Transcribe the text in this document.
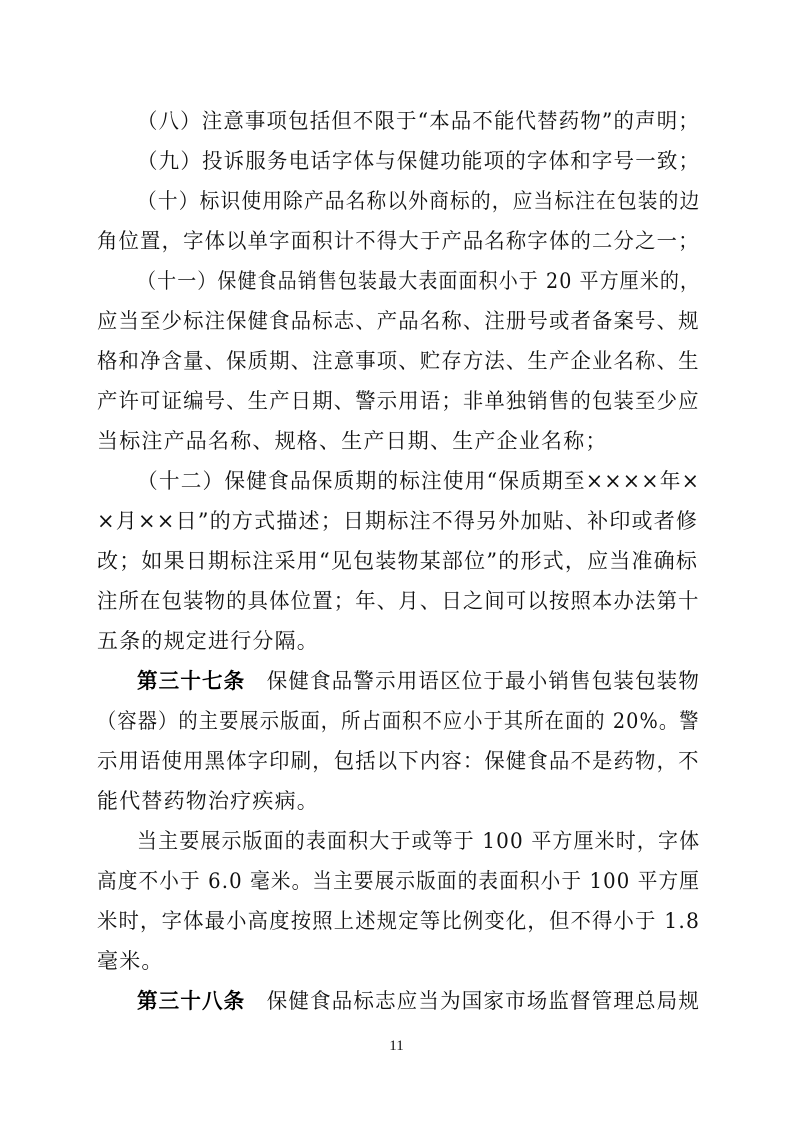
（八）注意事项包括但不限于“本品不能代替药物”的声明；
（九）投诉服务电话字体与保健功能项的字体和字号一致；
（十）标识使用除产品名称以外商标的，应当标注在包装的边
角位置，字体以单字面积计不得大于产品名称字体的二分之一；
（十一）保健食品销售包装最大表面面积小于 20 平方厘米的，
应当至少标注保健食品标志、产品名称、注册号或者备案号、规
格和净含量、保质期、注意事项、贮存方法、生产企业名称、生
产许可证编号、生产日期、警示用语；非单独销售的包装至少应
当标注产品名称、规格、生产日期、生产企业名称；
（十二）保健食品保质期的标注使用“保质期至××××年×
×月××日”的方式描述；日期标注不得另外加贴、补印或者修
改；如果日期标注采用“见包装物某部位”的形式，应当准确标
注所在包装物的具体位置；年、月、日之间可以按照本办法第十
五条的规定进行分隔。
第三十七条 保健食品警示用语区位于最小销售包装包装物
（容器）的主要展示版面，所占面积不应小于其所在面的 20%。警
示用语使用黑体字印刷，包括以下内容：保健食品不是药物，不
能代替药物治疗疾病。
当主要展示版面的表面积大于或等于 100 平方厘米时，字体
高度不小于 6.0 毫米。当主要展示版面的表面积小于 100 平方厘
米时，字体最小高度按照上述规定等比例变化，但不得小于 1.8
毫米。
第三十八条 保健食品标志应当为国家市场监督管理总局规
11
